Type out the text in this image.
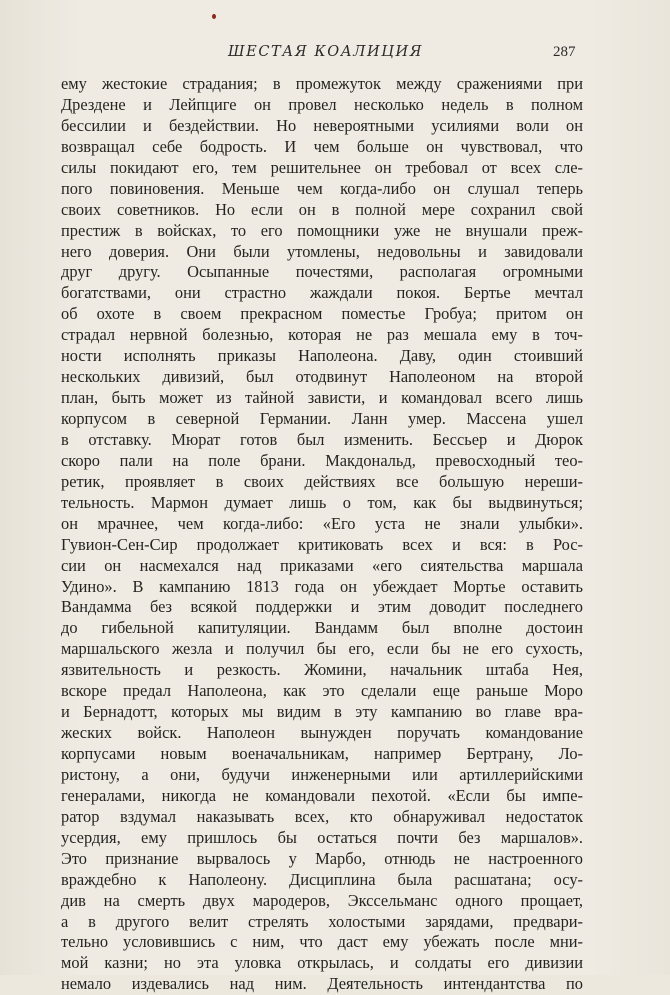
ШЕСТАЯ КОАЛИЦИЯ	287
ему жестокие страдания; в промежуток между сражениями при
Дрездене и Лейпциге он провел несколько недель в полном
бессилии и бездействии. Но невероятными усилиями воли он
возвращал себе бодрость. И чем больше он чувствовал, что
силы покидают его, тем решительнее он требовал от всех сле-
пого повиновения. Меньше чем когда-либо он слушал теперь
своих советников. Но если он в полной мере сохранил свой
престиж в войсках, то его помощники уже не внушали преж-
него доверия. Они были утомлены, недовольны и завидовали
друг другу. Осыпанные почестями, располагая огромными
богатствами, они страстно жаждали покоя. Бертье мечтал
об охоте в своем прекрасном поместье Гробуа; притом он
страдал нервной болезнью, которая не раз мешала ему в точ-
ности исполнять приказы Наполеона. Даву, один стоивший
нескольких дивизий, был отодвинут Наполеоном на второй
план, быть может из тайной зависти, и командовал всего лишь
корпусом в северной Германии. Ланн умер. Массена ушел
в отставку. Мюрат готов был изменить. Бессьер и Дюрок
скоро пали на поле брани. Макдональд, превосходный тео-
ретик, проявляет в своих действиях все большую нереши-
тельность. Мармон думает лишь о том, как бы выдвинуться;
он мрачнее, чем когда-либо: «Его уста не знали улыбки».
Гувион-Сен-Сир продолжает критиковать всех и вся: в Рос-
сии он насмехался над приказами «его сиятельства маршала
Удино». В кампанию 1813 года он убеждает Мортье оставить
Вандамма без всякой поддержки и этим доводит последнего
до гибельной капитуляции. Вандамм был вполне достоин
маршальского жезла и получил бы его, если бы не его сухость,
язвительность и резкость. Жомини, начальник штаба Нея,
вскоре предал Наполеона, как это сделали еще раньше Моро
и Бернадотт, которых мы видим в эту кампанию во главе вра-
жеских войск. Наполеон вынужден поручать командование
корпусами новым военачальникам, например Бертрану, Ло-
ристону, а они, будучи инженерными или артиллерийскими
генералами, никогда не командовали пехотой. «Если бы импе-
ратор вздумал наказывать всех, кто обнаруживал недостаток
усердия, ему пришлось бы остаться почти без маршалов».
Это признание вырвалось у Марбо, отнюдь не настроенного
враждебно к Наполеону. Дисциплина была расшатана; осу-
див на смерть двух мародеров, Экссельманс одного прощает,
а в другого велит стрелять холостыми зарядами, предвари-
тельно условившись с ним, что даст ему убежать после мни-
мой казни; но эта уловка открылась, и солдаты его дивизии
немало издевались над ним. Деятельность интендантства по
